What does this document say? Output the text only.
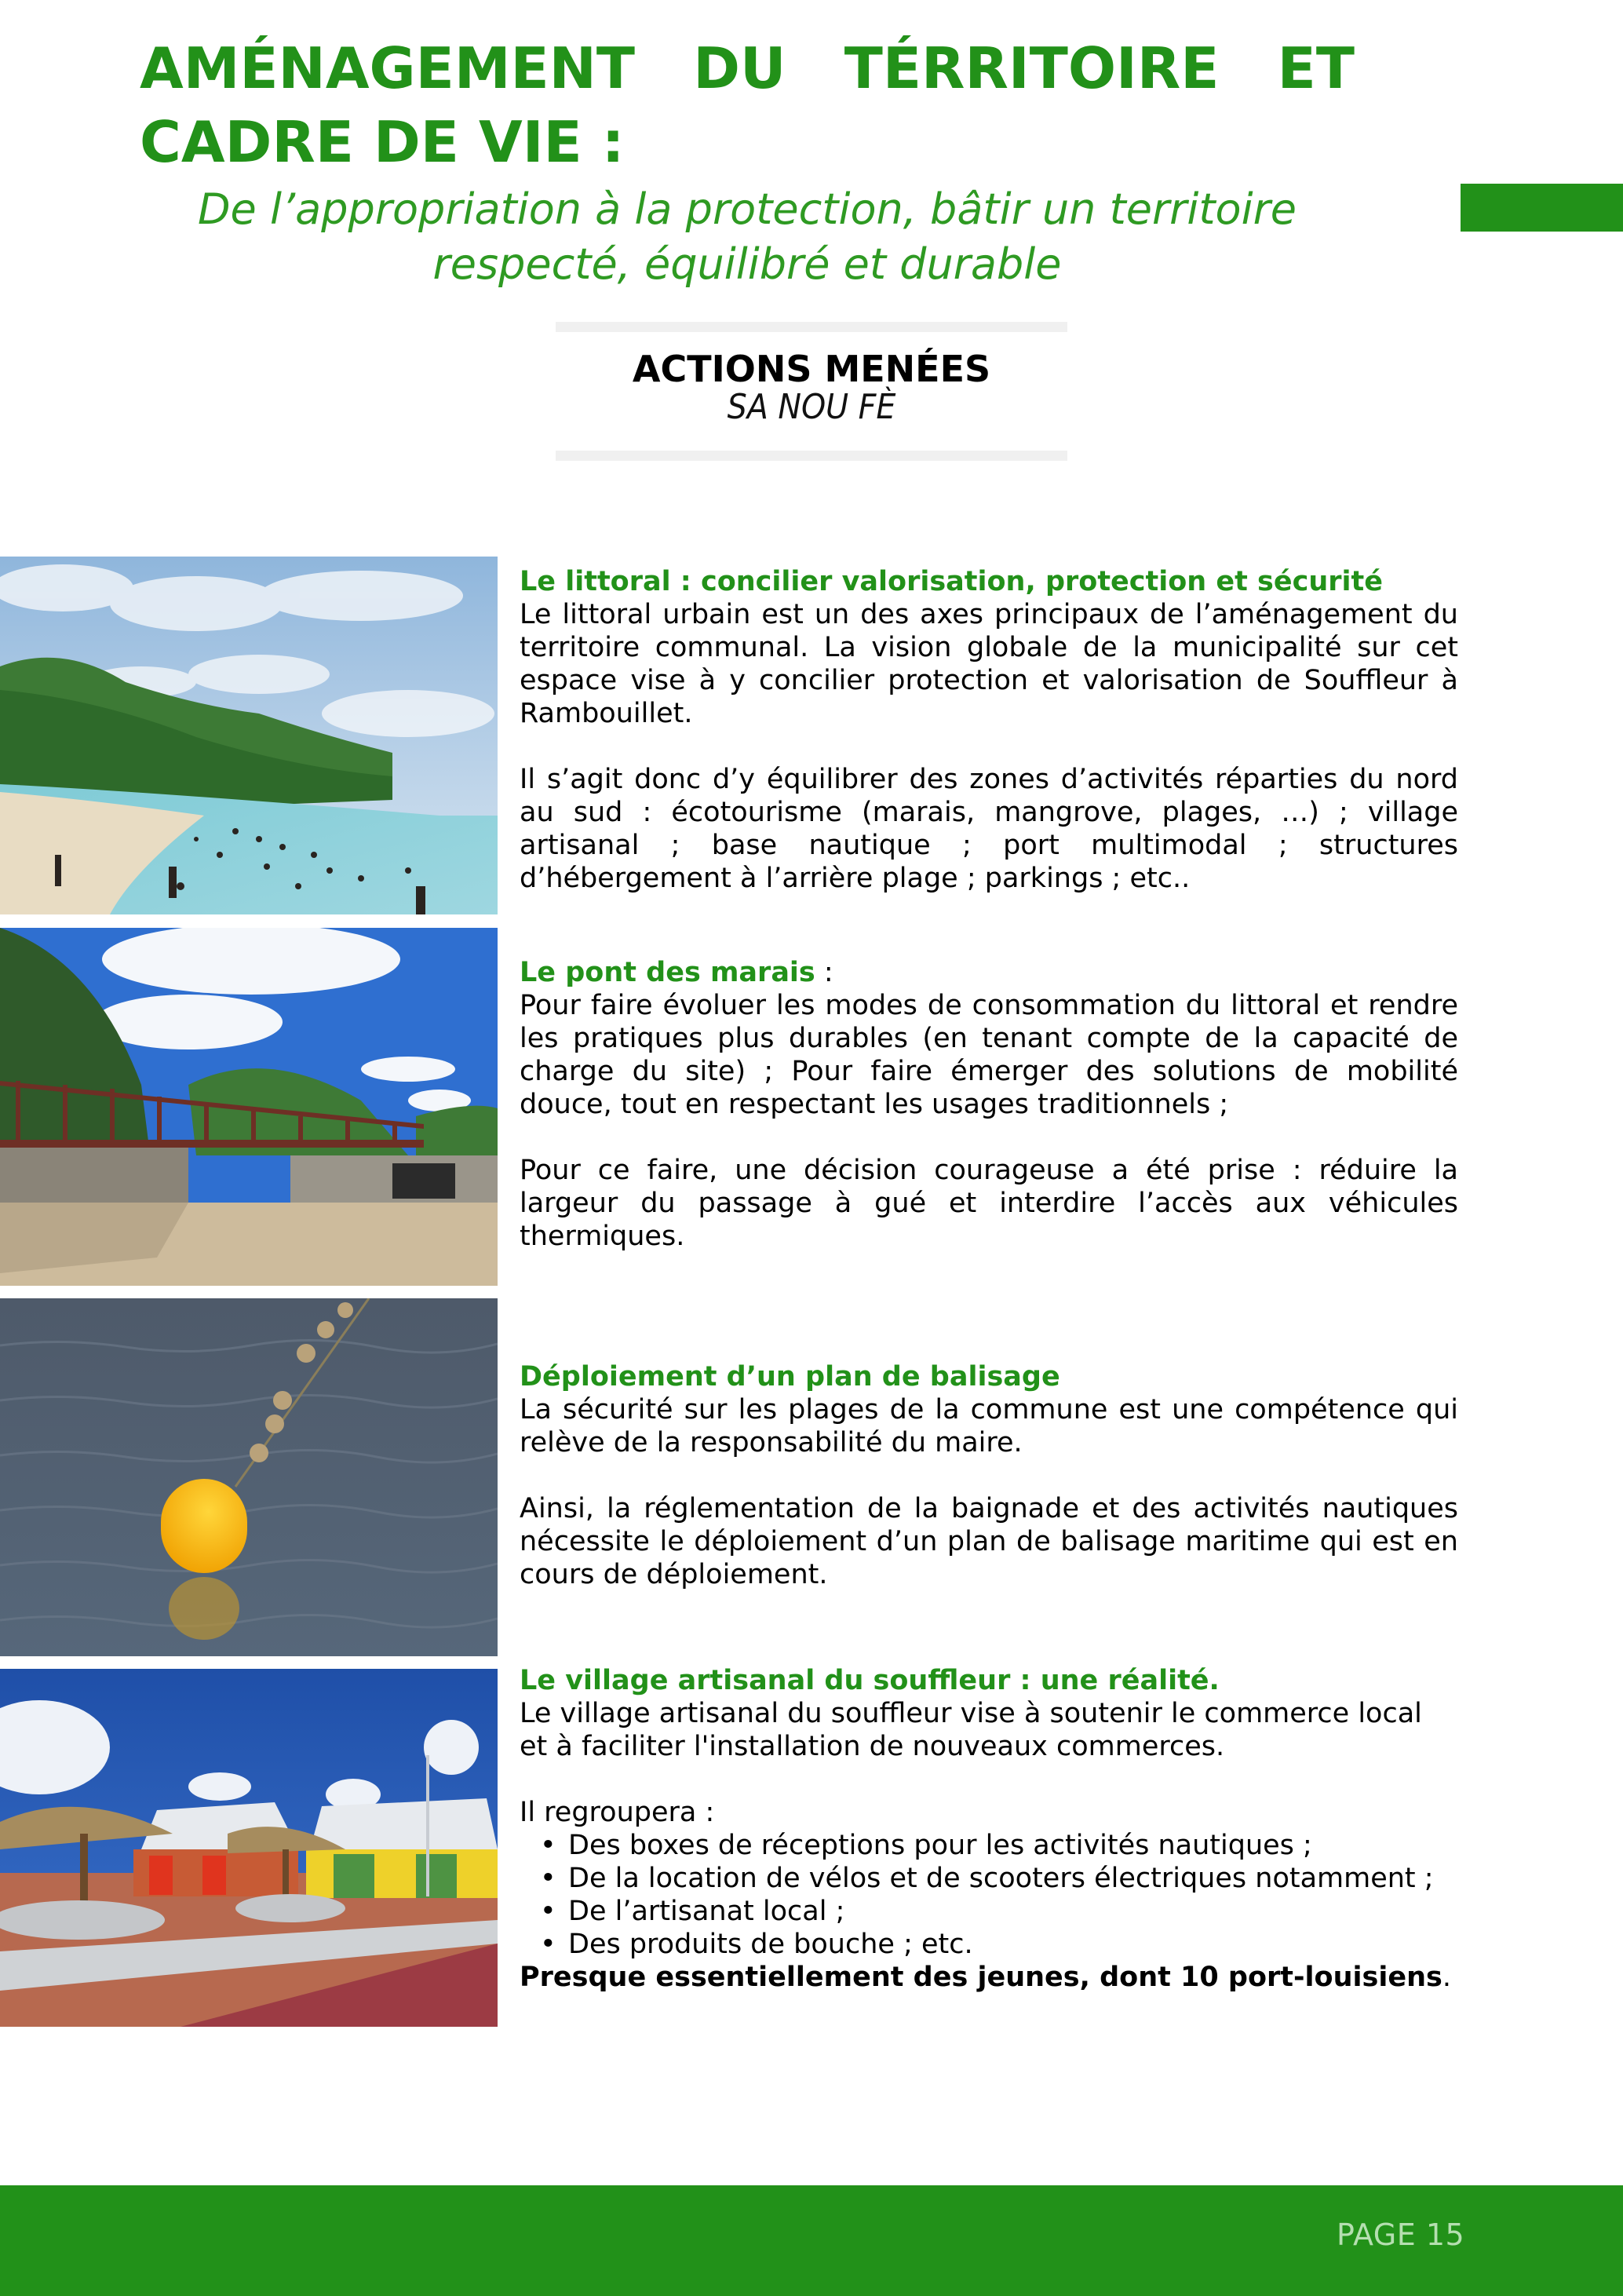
AMÉNAGEMENT DU TÉRRITOIRE ET
CADRE DE VIE :
De l’appropriation à la protection, bâtir un territoire
respecté, équilibré et durable
ACTIONS MENÉES
SA NOU FÈ

Le littoral : concilier valorisation, protection et sécurité

Le littoral urbain est un des axes principaux de l’aménagement du territoire communal. La vision globale de la municipalité sur cet espace vise à y concilier protection et valorisation de Souffleur à Rambouillet.

Il s’agit donc d’y équilibrer des zones d’activités réparties du nord au sud : écotourisme (marais, mangrove, plages, …) ; village artisanal ; base nautique ; port multimodal ; structures d’hébergement à l’arrière plage ; parkings ; etc..

Le pont des marais :

Pour faire évoluer les modes de consommation du littoral et rendre les pratiques plus durables (en tenant compte de la capacité de charge du site) ; Pour faire émerger des solutions de mobilité douce, tout en respectant les usages traditionnels ;

Pour ce faire, une décision courageuse a été prise : réduire la largeur du passage à gué et interdire l’accès aux véhicules thermiques.

Déploiement d’un plan de balisage

La sécurité sur les plages de la commune est une compétence qui relève de la responsabilité du maire.

Ainsi, la réglementation de la baignade et des activités nautiques nécessite le déploiement d’un plan de balisage maritime qui est en cours de déploiement.

Le village artisanal du souffleur : une réalité.

Le village artisanal du souffleur vise à soutenir le commerce local et à faciliter l'installation de nouveaux commerces.

Il regroupera :

• Des boxes de réceptions pour les activités nautiques ;
• De la location de vélos et de scooters électriques notamment ;
• De l’artisanat local ;
• Des produits de bouche ; etc.

Presque essentiellement des jeunes, dont 10 port-louisiens.

PAGE 15
